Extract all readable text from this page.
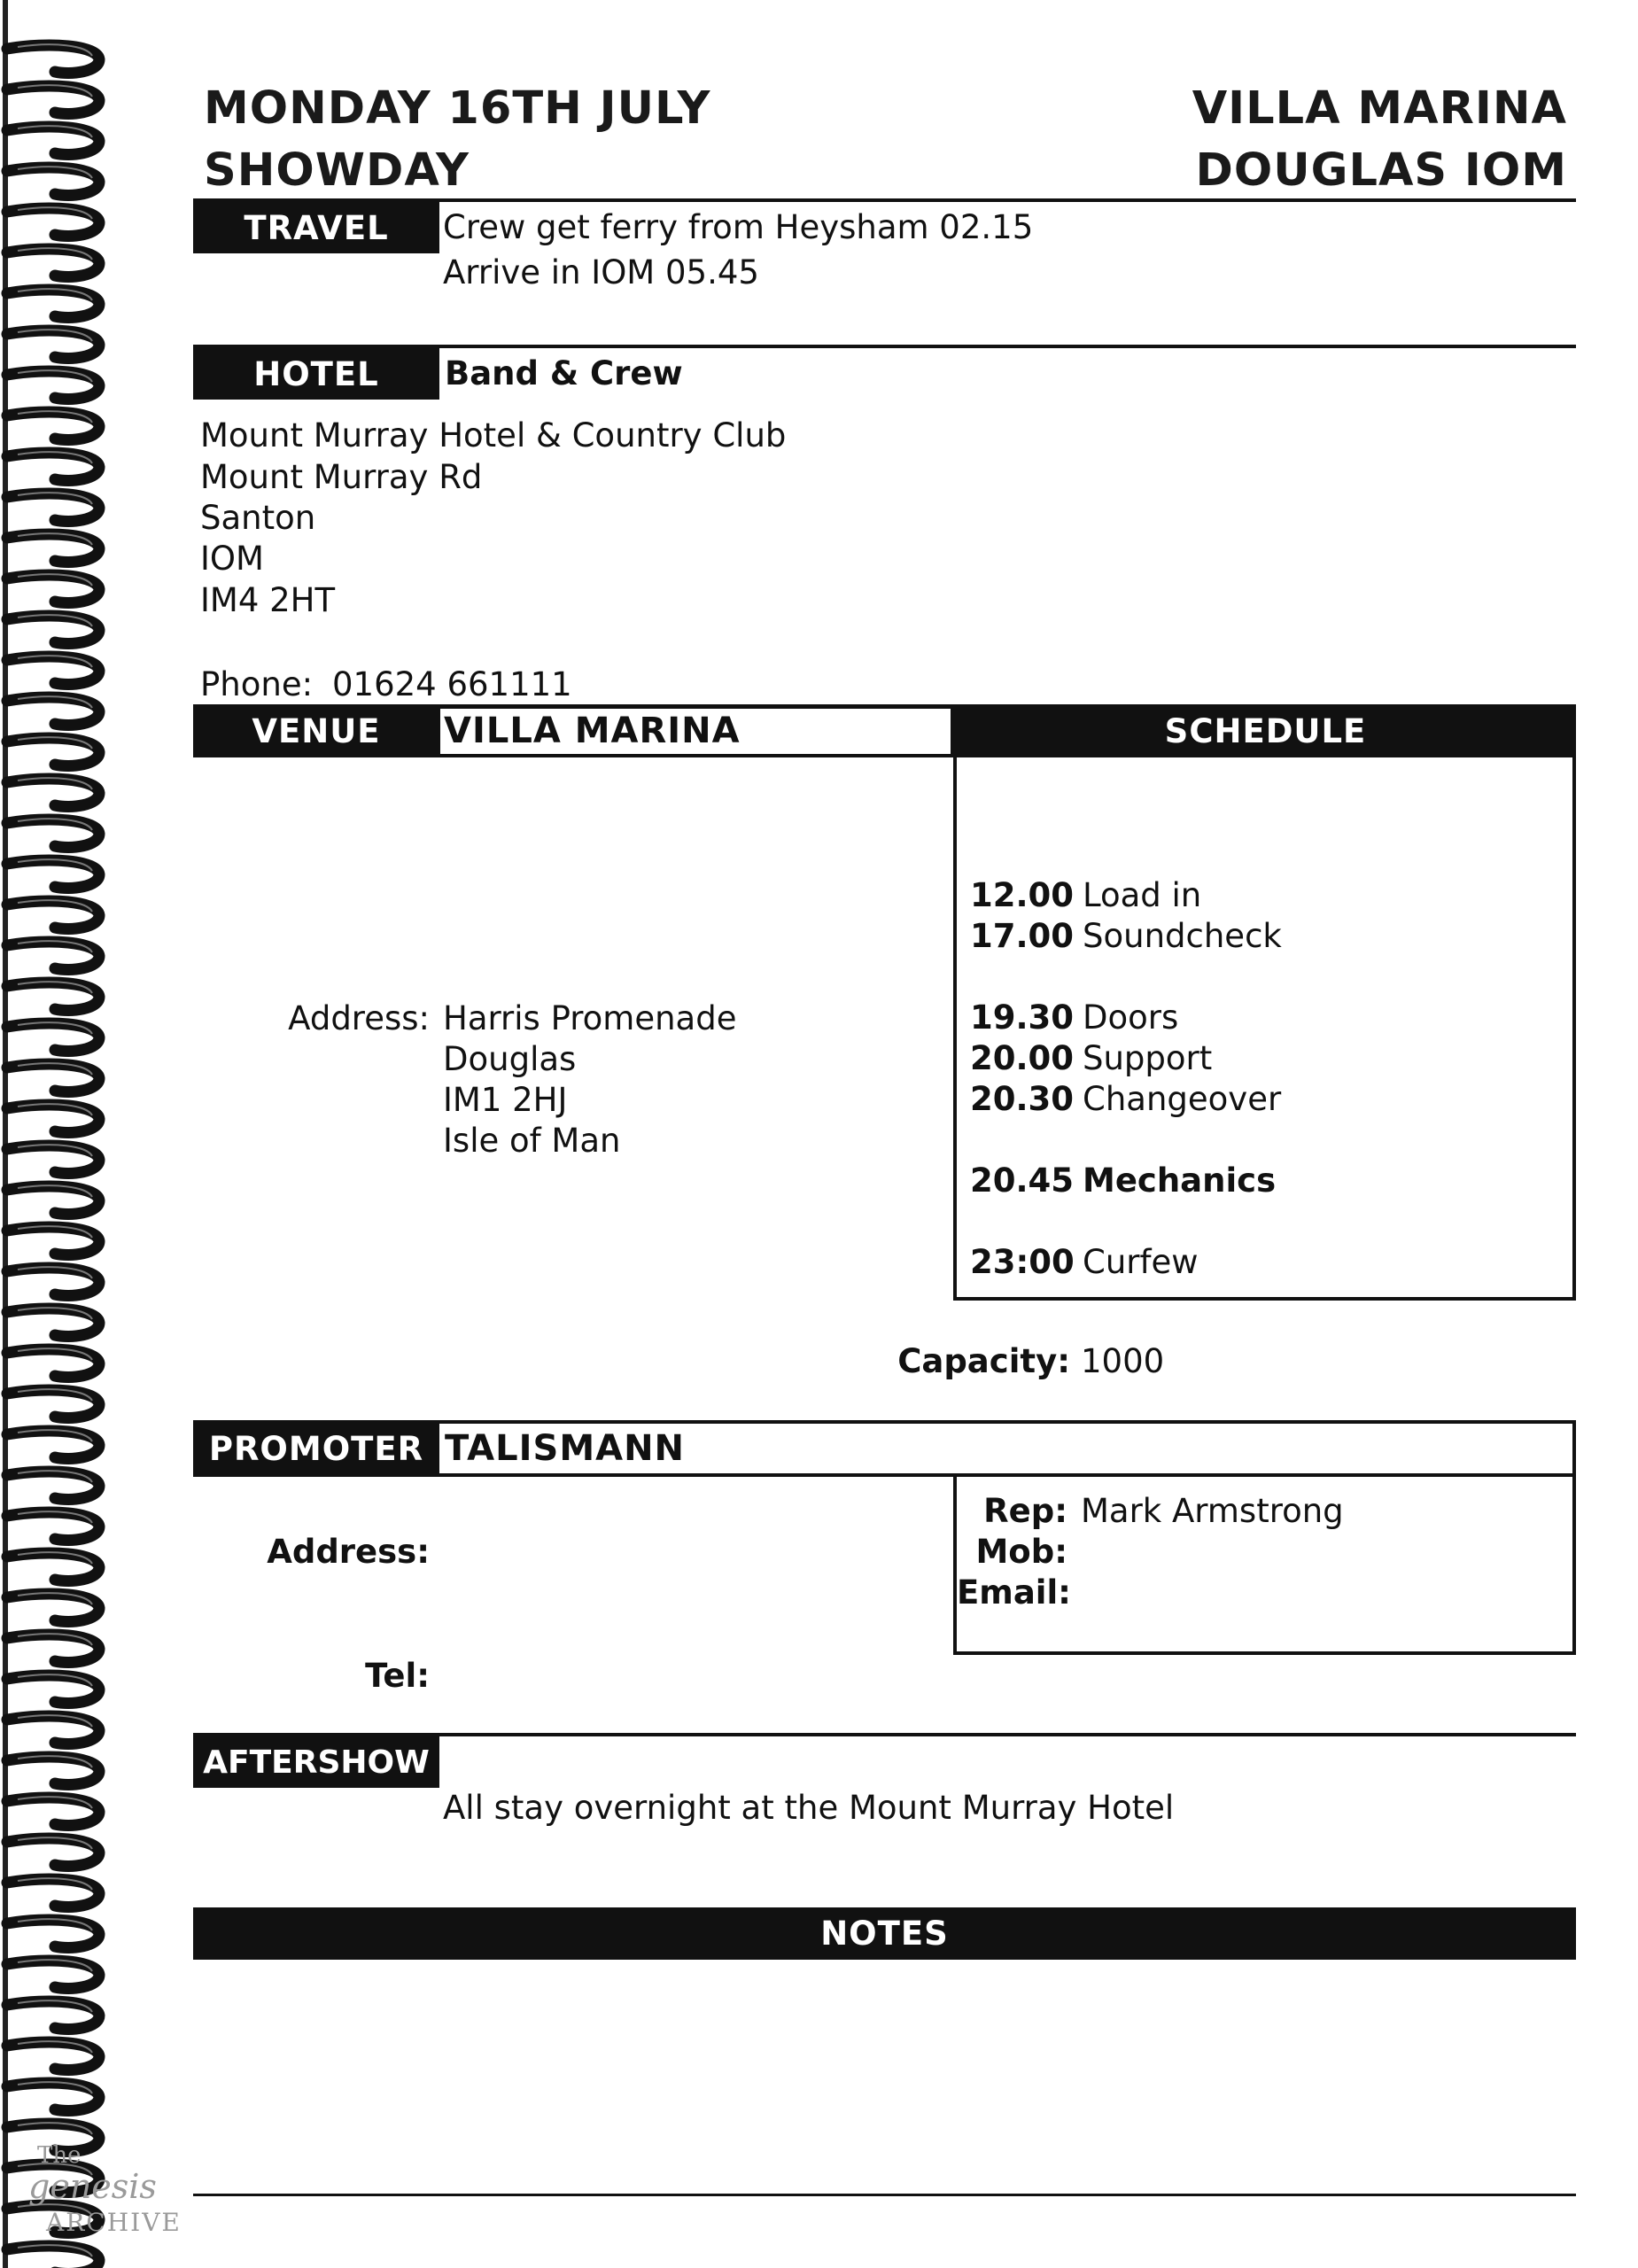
MONDAY 16TH JULY
SHOWDAY
VILLA MARINA
DOUGLAS IOM
TRAVEL	Crew get ferry from Heysham 02.15
Arrive in IOM 05.45
HOTEL	Band & Crew
Mount Murray Hotel & Country Club
Mount Murray Rd
Santon
IOM
IM4 2HT
Phone: 01624 661111
VENUE	VILLA MARINA	SCHEDULE
12.00 Load in
17.00 Soundcheck
19.30 Doors
20.00 Support
20.30 Changeover
20.45 Mechanics
23:00 Curfew
Address: Harris Promenade
Douglas
IM1 2HJ
Isle of Man
Capacity: 1000
PROMOTER TALISMANN
Rep: Mark Armstrong
Mob:
Email:
Address:
Tel:
AFTERSHOW
All stay overnight at the Mount Murray Hotel
NOTES
The
genesis
ARCHIVE
